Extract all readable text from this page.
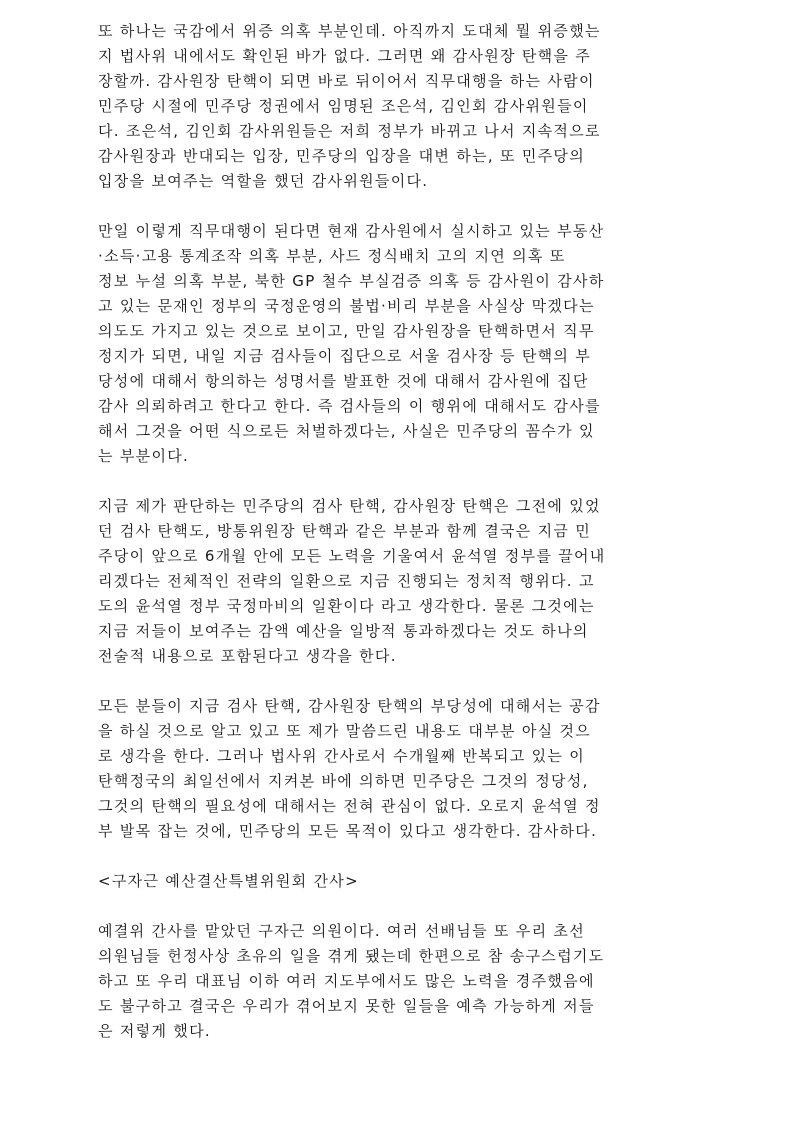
또 하나는 국감에서 위증 의혹 부분인데. 아직까지 도대체 뭘 위증했는
지 법사위 내에서도 확인된 바가 없다. 그러면 왜 감사원장 탄핵을 주
장할까. 감사원장 탄핵이 되면 바로 뒤이어서 직무대행을 하는 사람이
민주당 시절에 민주당 정권에서 임명된 조은석, 김인회 감사위원들이
다. 조은석, 김인회 감사위원들은 저희 정부가 바뀌고 나서 지속적으로
감사원장과 반대되는 입장, 민주당의 입장을 대변 하는, 또 민주당의
입장을 보여주는 역할을 했던 감사위원들이다.
만일 이렇게 직무대행이 된다면 현재 감사원에서 실시하고 있는 부동산
·소득·고용 통계조작 의혹 부분, 사드 정식배치 고의 지연 의혹 또
정보 누설 의혹 부분, 북한 GP 철수 부실검증 의혹 등 감사원이 감사하
고 있는 문재인 정부의 국정운영의 불법·비리 부분을 사실상 막겠다는
의도도 가지고 있는 것으로 보이고, 만일 감사원장을 탄핵하면서 직무
정지가 되면, 내일 지금 검사들이 집단으로 서울 검사장 등 탄핵의 부
당성에 대해서 항의하는 성명서를 발표한 것에 대해서 감사원에 집단
감사 의뢰하려고 한다고 한다. 즉 검사들의 이 행위에 대해서도 감사를
해서 그것을 어떤 식으로든 처벌하겠다는, 사실은 민주당의 꼼수가 있
는 부분이다.
지금 제가 판단하는 민주당의 검사 탄핵, 감사원장 탄핵은 그전에 있었
던 검사 탄핵도, 방통위원장 탄핵과 같은 부분과 함께 결국은 지금 민
주당이 앞으로 6개월 안에 모든 노력을 기울여서 윤석열 정부를 끌어내
리겠다는 전체적인 전략의 일환으로 지금 진행되는 정치적 행위다. 고
도의 윤석열 정부 국정마비의 일환이다 라고 생각한다. 물론 그것에는
지금 저들이 보여주는 감액 예산을 일방적 통과하겠다는 것도 하나의
전술적 내용으로 포함된다고 생각을 한다.
모든 분들이 지금 검사 탄핵, 감사원장 탄핵의 부당성에 대해서는 공감
을 하실 것으로 알고 있고 또 제가 말씀드린 내용도 대부분 아실 것으
로 생각을 한다. 그러나 법사위 간사로서 수개월째 반복되고 있는 이
탄핵정국의 최일선에서 지켜본 바에 의하면 민주당은 그것의 정당성,
그것의 탄핵의 필요성에 대해서는 전혀 관심이 없다. 오로지 윤석열 정
부 발목 잡는 것에, 민주당의 모든 목적이 있다고 생각한다. 감사하다.
<구자근 예산결산특별위원회 간사>
예결위 간사를 맡았던 구자근 의원이다. 여러 선배님들 또 우리 초선
의원님들 헌정사상 초유의 일을 겪게 됐는데 한편으로 참 송구스럽기도
하고 또 우리 대표님 이하 여러 지도부에서도 많은 노력을 경주했음에
도 불구하고 결국은 우리가 겪어보지 못한 일들을 예측 가능하게 저들
은 저렇게 했다.
